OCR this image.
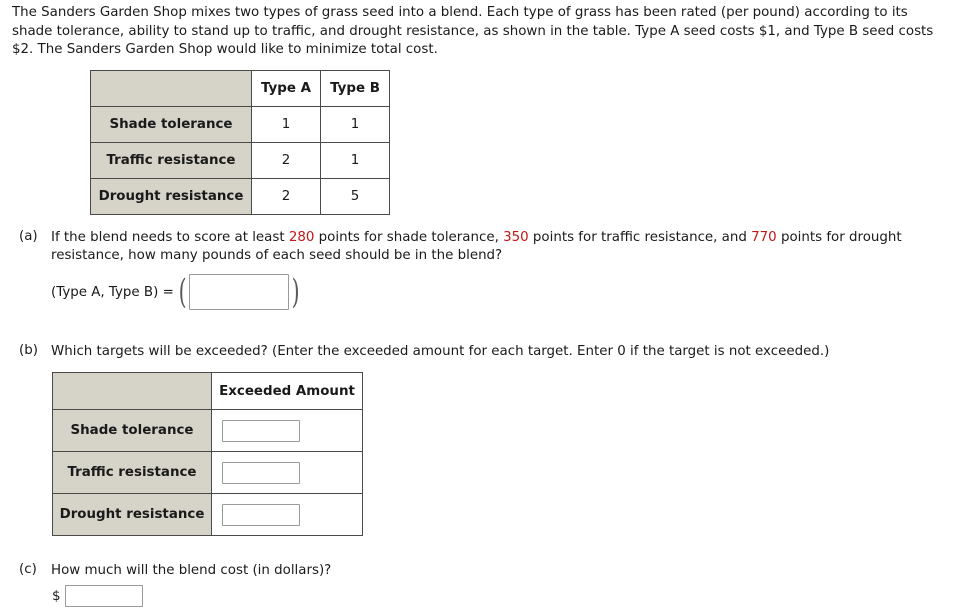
The Sanders Garden Shop mixes two types of grass seed into a blend. Each type of grass has been rated (per pound) according to its shade tolerance, ability to stand up to traffic, and drought resistance, as shown in the table. Type A seed costs $1, and Type B seed costs $2. The Sanders Garden Shop would like to minimize total cost.

	Type A	Type B
Shade tolerance	1	1
Traffic resistance	2	1
Drought resistance	2	5
(a) If the blend needs to score at least 280 points for shade tolerance, 350 points for traffic resistance, and 770 points for drought resistance, how many pounds of each seed should be in the blend?
(Type A, Type B) = (	)
(b) Which targets will be exceeded? (Enter the exceeded amount for each target. Enter 0 if the target is not exceeded.)
	Exceeded Amount
Shade tolerance	
Traffic resistance	
Drought resistance	
(c) How much will the blend cost (in dollars)?
$
